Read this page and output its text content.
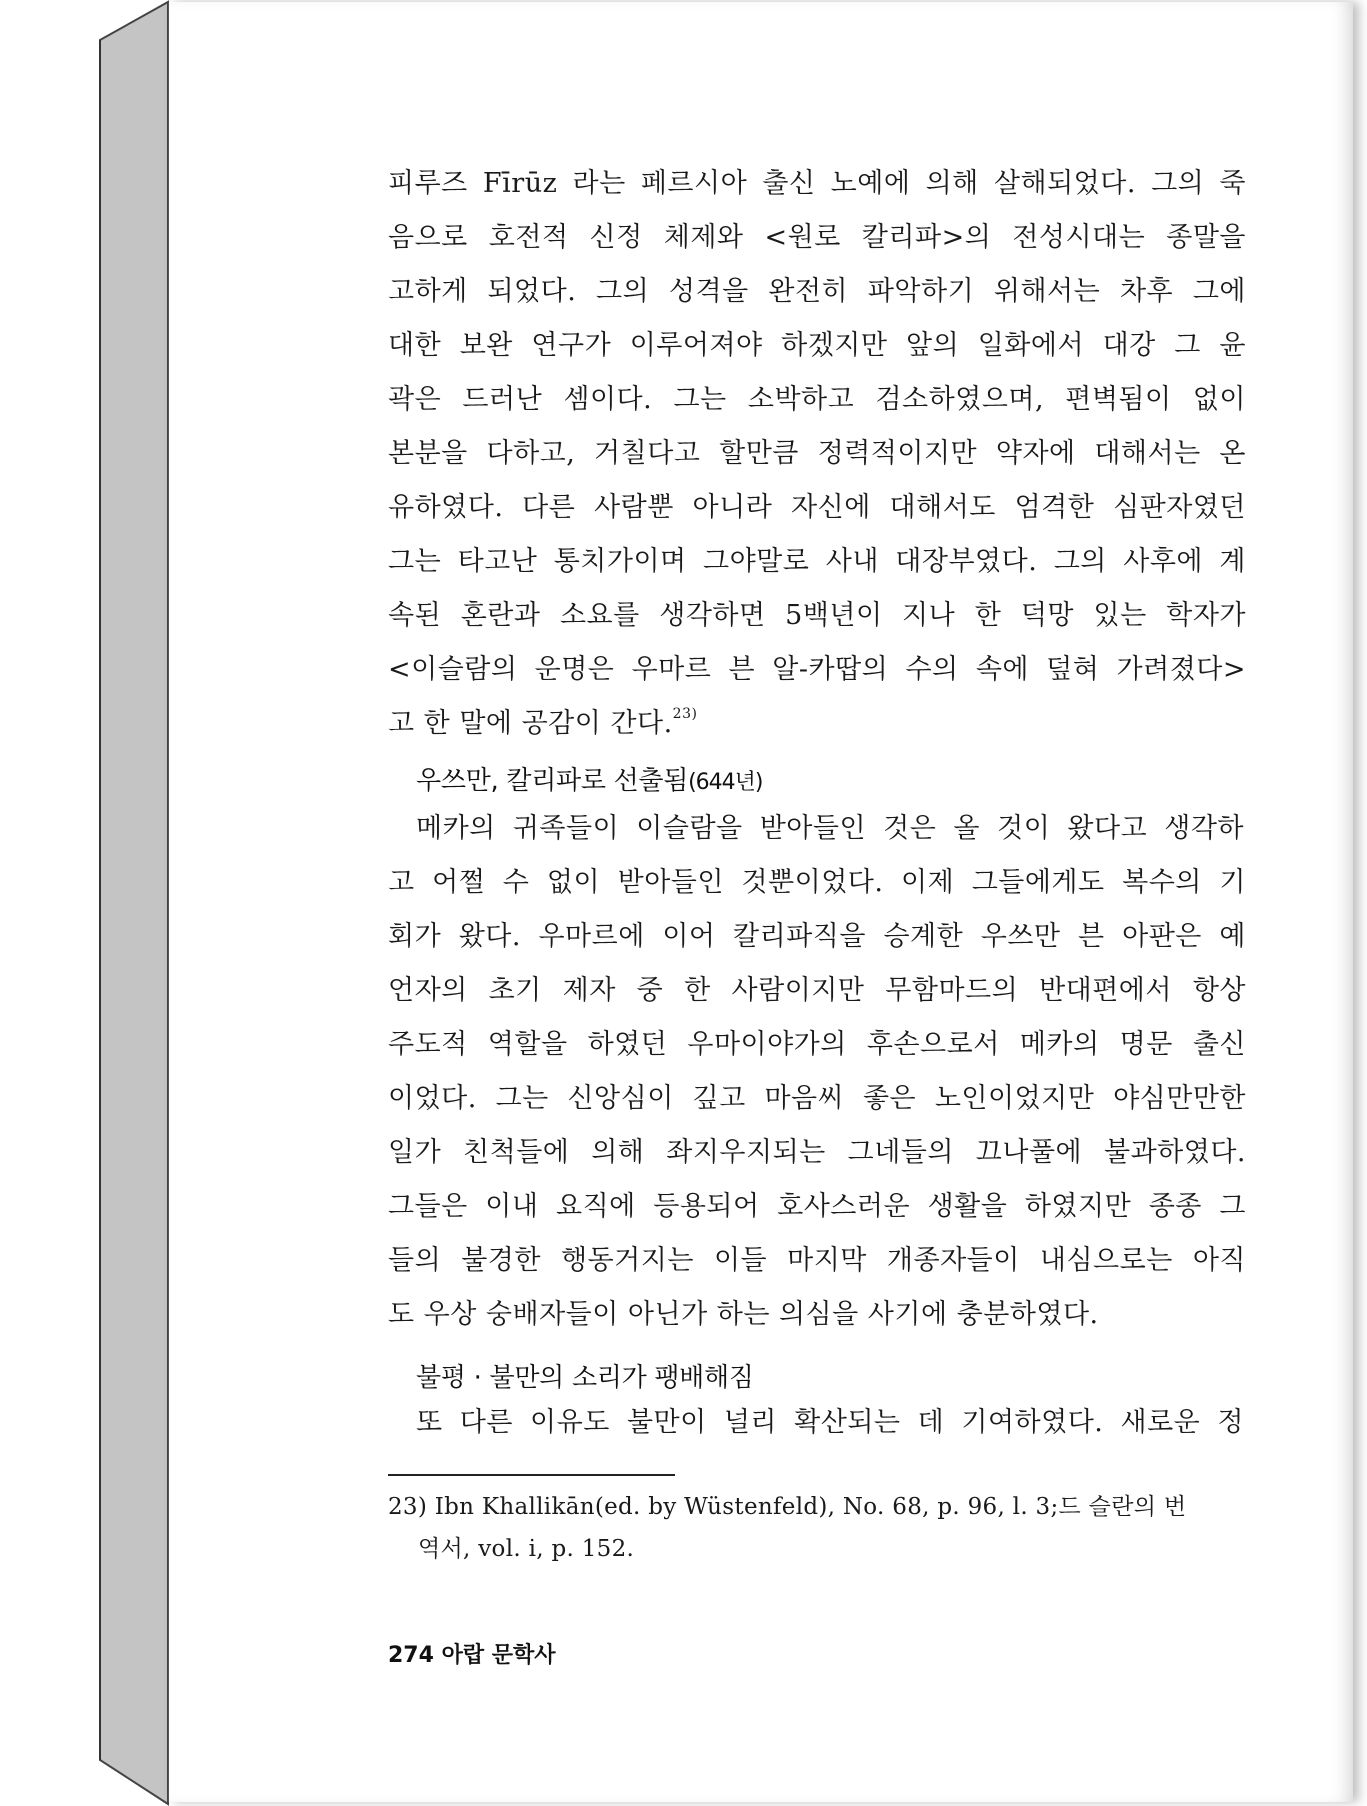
피루즈 Fīrūz 라는 페르시아 출신 노예에 의해 살해되었다. 그의 죽
음으로 호전적 신정 체제와 <원로 칼리파>의 전성시대는 종말을
고하게 되었다. 그의 성격을 완전히 파악하기 위해서는 차후 그에
대한 보완 연구가 이루어져야 하겠지만 앞의 일화에서 대강 그 윤
곽은 드러난 셈이다. 그는 소박하고 검소하였으며, 편벽됨이 없이
본분을 다하고, 거칠다고 할만큼 정력적이지만 약자에 대해서는 온
유하였다. 다른 사람뿐 아니라 자신에 대해서도 엄격한 심판자였던
그는 타고난 통치가이며 그야말로 사내 대장부였다. 그의 사후에 계
속된 혼란과 소요를 생각하면 5백년이 지나 한 덕망 있는 학자가
<이슬람의 운명은 우마르 븐 알-카땁의 수의 속에 덮혀 가려졌다>
고 한 말에 공감이 간다.$^{23)}$
우쓰만, 칼리파로 선출됨(644년)
메카의 귀족들이 이슬람을 받아들인 것은 올 것이 왔다고 생각하
고 어쩔 수 없이 받아들인 것뿐이었다. 이제 그들에게도 복수의 기
회가 왔다. 우마르에 이어 칼리파직을 승계한 우쓰만 븐 아판은 예
언자의 초기 제자 중 한 사람이지만 무함마드의 반대편에서 항상
주도적 역할을 하였던 우마이야가의 후손으로서 메카의 명문 출신
이었다. 그는 신앙심이 깊고 마음씨 좋은 노인이었지만 야심만만한
일가 친척들에 의해 좌지우지되는 그네들의 끄나풀에 불과하였다.
그들은 이내 요직에 등용되어 호사스러운 생활을 하였지만 종종 그
들의 불경한 행동거지는 이들 마지막 개종자들이 내심으로는 아직
도 우상 숭배자들이 아닌가 하는 의심을 사기에 충분하였다.
불평 · 불만의 소리가 팽배해짐
또 다른 이유도 불만이 널리 확산되는 데 기여하였다. 새로운 정
23) Ibn Khallikān(ed. by Wüstenfeld), No. 68, p. 96, l. 3;드 슬란의 번
역서, vol. i, p. 152.
274 아랍 문학사
